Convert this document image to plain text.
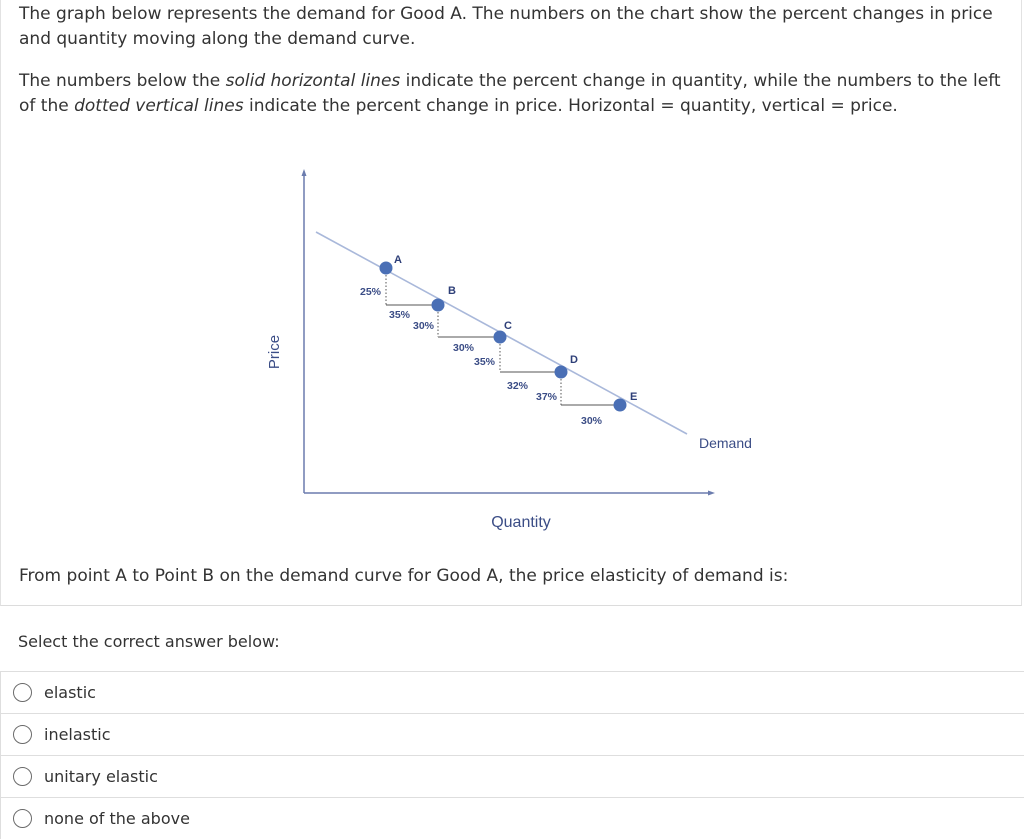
The graph below represents the demand for Good A. The numbers on the chart show the percent changes in price and quantity moving along the demand curve.

The numbers below the solid horizontal lines indicate the percent change in quantity, while the numbers to the left of the dotted vertical lines indicate the percent change in price. Horizontal = quantity, vertical = price.

Price
Quantity
Demand
A
B
C
D
E
25%
35%
30%
30%
35%
32%
37%
30%

From point A to Point B on the demand curve for Good A, the price elasticity of demand is:

Select the correct answer below:

elastic
inelastic
unitary elastic
none of the above
